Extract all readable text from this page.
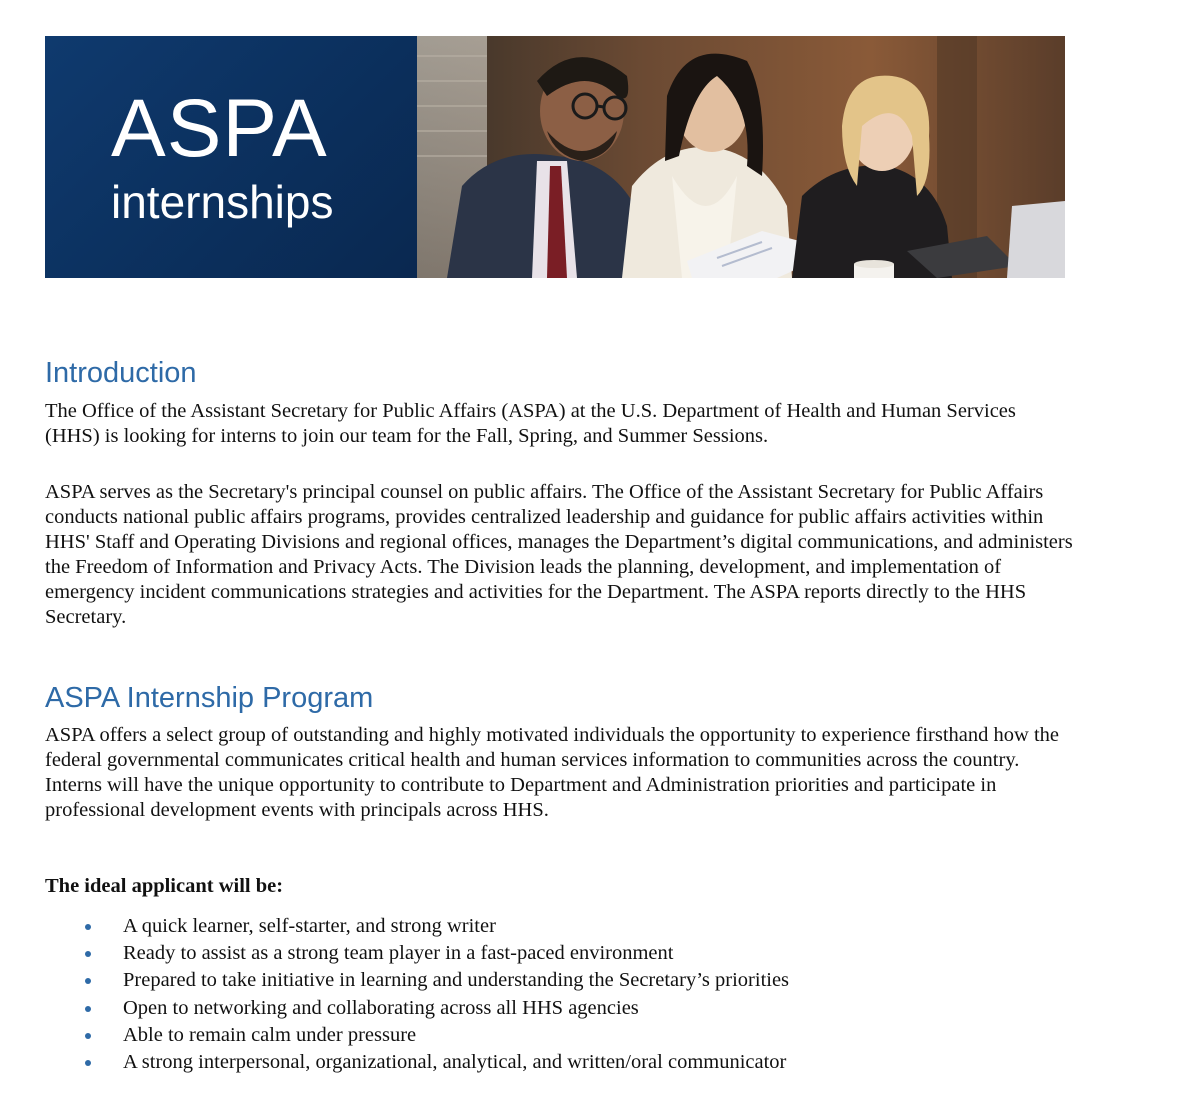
ASPA
internships
Introduction

The Office of the Assistant Secretary for Public Affairs (ASPA) at the U.S. Department of Health and Human Services (HHS) is looking for interns to join our team for the Fall, Spring, and Summer Sessions.

ASPA serves as the Secretary's principal counsel on public affairs. The Office of the Assistant Secretary for Public Affairs conducts national public affairs programs, provides centralized leadership and guidance for public affairs activities within HHS' Staff and Operating Divisions and regional offices, manages the Department’s digital communications, and administers the Freedom of Information and Privacy Acts. The Division leads the planning, development, and implementation of emergency incident communications strategies and activities for the Department. The ASPA reports directly to the HHS Secretary.

ASPA Internship Program

ASPA offers a select group of outstanding and highly motivated individuals the opportunity to experience firsthand how the federal governmental communicates critical health and human services information to communities across the country. Interns will have the unique opportunity to contribute to Department and Administration priorities and participate in professional development events with principals across HHS.

The ideal applicant will be:

A quick learner, self-starter, and strong writer
Ready to assist as a strong team player in a fast-paced environment
Prepared to take initiative in learning and understanding the Secretary’s priorities
Open to networking and collaborating across all HHS agencies
Able to remain calm under pressure
A strong interpersonal, organizational, analytical, and written/oral communicator
